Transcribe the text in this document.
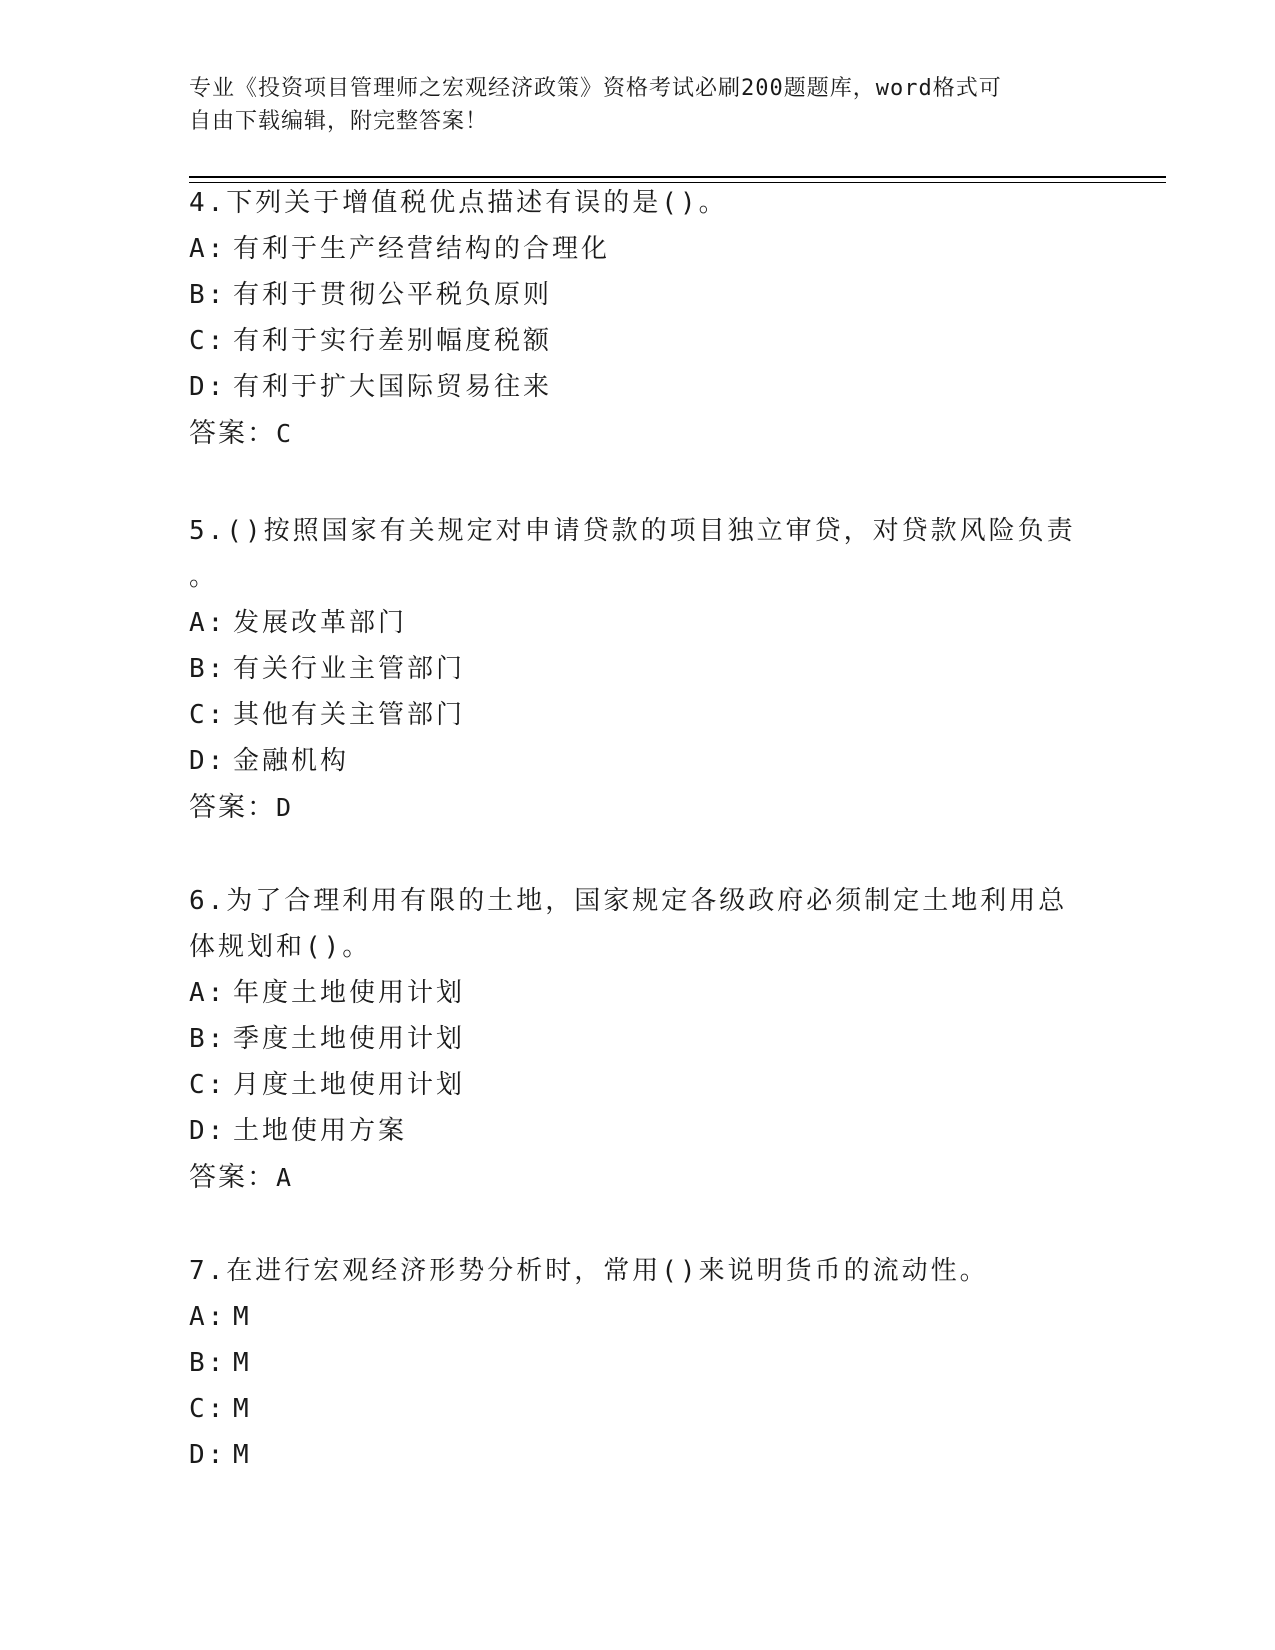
专业《投资项目管理师之宏观经济政策》资格考试必刷200题题库，word格式可
自由下载编辑，附完整答案！
4.下列关于增值税优点描述有误的是()。
A: 有利于生产经营结构的合理化
B: 有利于贯彻公平税负原则
C: 有利于实行差别幅度税额
D: 有利于扩大国际贸易往来
答案：C
5.()按照国家有关规定对申请贷款的项目独立审贷，对贷款风险负责
。
A: 发展改革部门
B: 有关行业主管部门
C: 其他有关主管部门
D: 金融机构
答案：D
6.为了合理利用有限的土地，国家规定各级政府必须制定土地利用总
体规划和()。
A: 年度土地使用计划
B: 季度土地使用计划
C: 月度土地使用计划
D: 土地使用方案
答案：A
7.在进行宏观经济形势分析时，常用()来说明货币的流动性。
A: M
B: M
C: M
D: M
